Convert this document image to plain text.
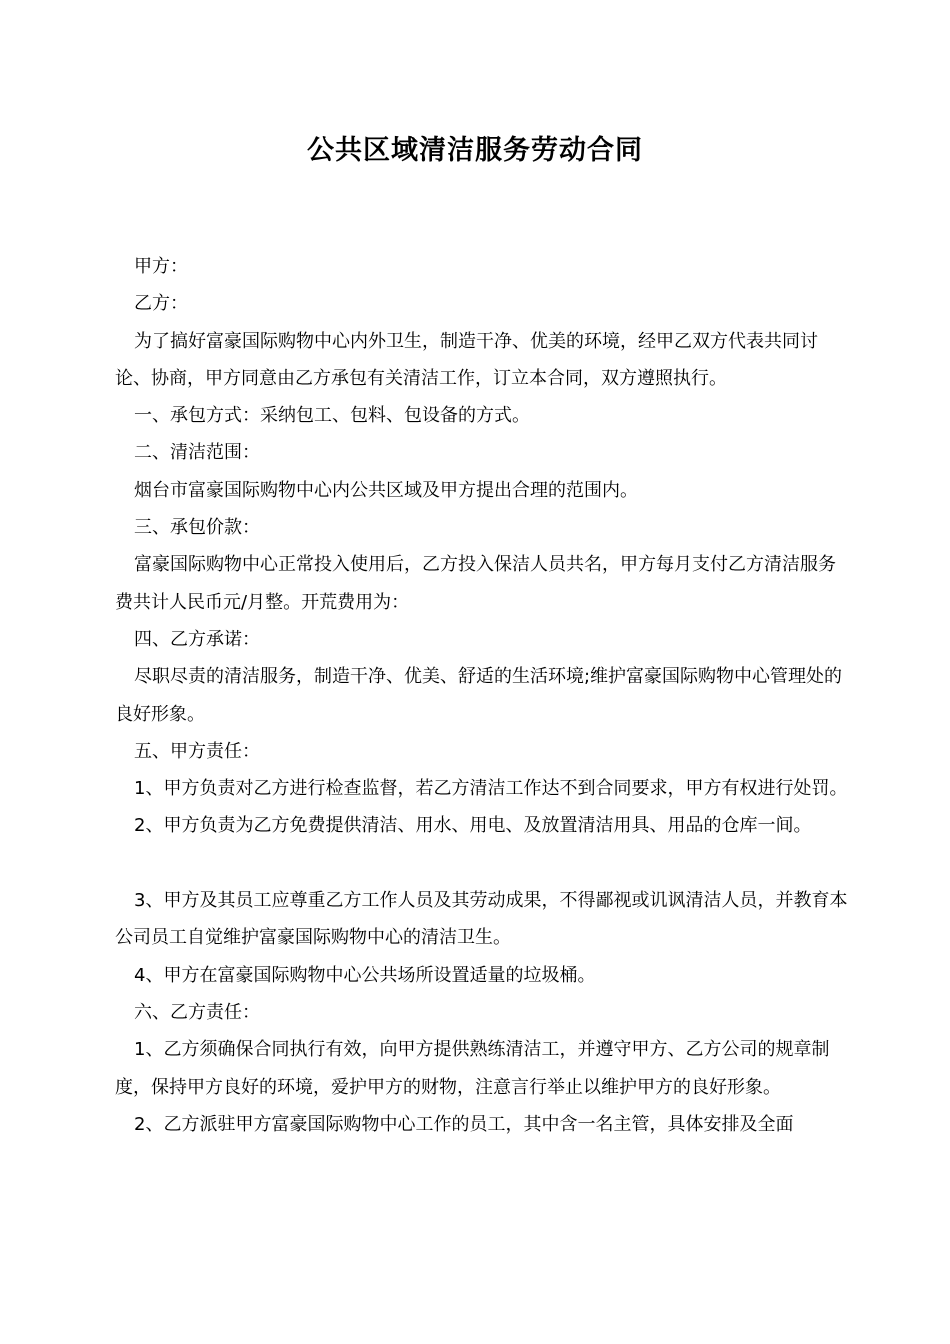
公共区域清洁服务劳动合同

甲方：

乙方：

为了搞好富豪国际购物中心内外卫生，制造干净、优美的环境，经甲乙双方代表共同讨论、协商，甲方同意由乙方承包有关清洁工作，订立本合同，双方遵照执行。

一、承包方式：采纳包工、包料、包设备的方式。

二、清洁范围：

烟台市富豪国际购物中心内公共区域及甲方提出合理的范围内。

三、承包价款：

富豪国际购物中心正常投入使用后，乙方投入保洁人员共名，甲方每月支付乙方清洁服务费共计人民币元/月整。开荒费用为：

四、乙方承诺：

尽职尽责的清洁服务，制造干净、优美、舒适的生活环境;维护富豪国际购物中心管理处的良好形象。

五、甲方责任：

1、甲方负责对乙方进行检查监督，若乙方清洁工作达不到合同要求，甲方有权进行处罚。

2、甲方负责为乙方免费提供清洁、用水、用电、及放置清洁用具、用品的仓库一间。

3、甲方及其员工应尊重乙方工作人员及其劳动成果，不得鄙视或讥讽清洁人员，并教育本公司员工自觉维护富豪国际购物中心的清洁卫生。

4、甲方在富豪国际购物中心公共场所设置适量的垃圾桶。

六、乙方责任：

1、乙方须确保合同执行有效，向甲方提供熟练清洁工，并遵守甲方、乙方公司的规章制度，保持甲方良好的环境，爱护甲方的财物，注意言行举止以维护甲方的良好形象。

2、乙方派驻甲方富豪国际购物中心工作的员工，其中含一名主管，具体安排及全面
